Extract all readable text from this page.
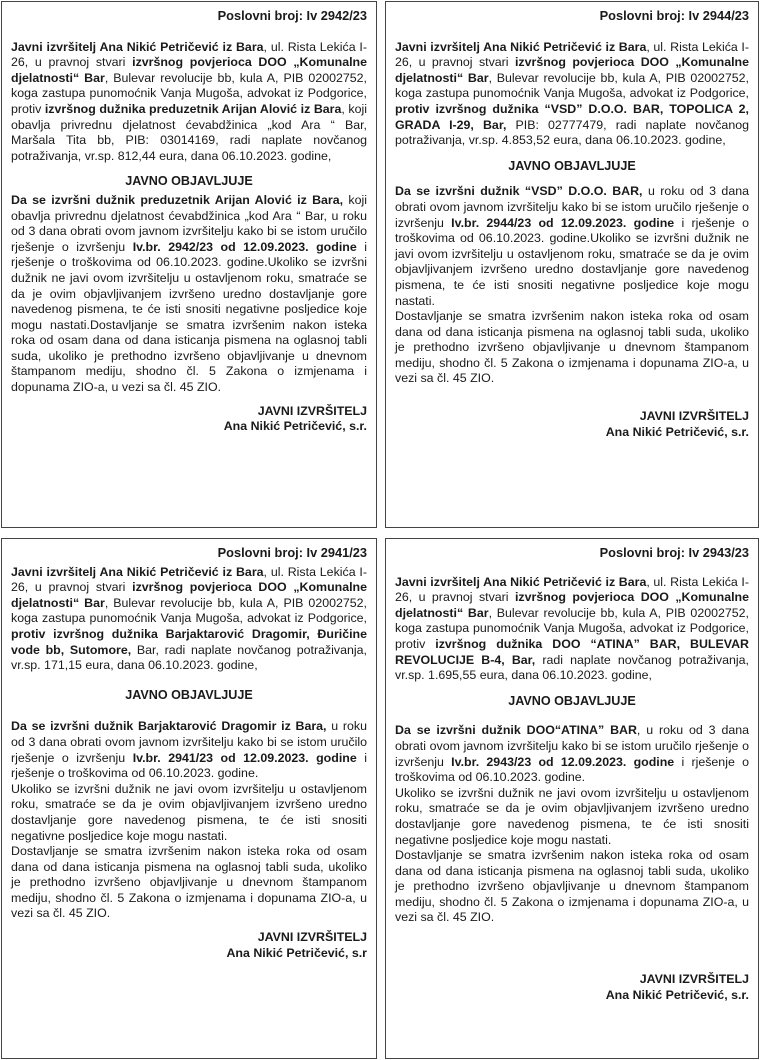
Poslovni broj: Iv 2942/23

Javni izvršitelj Ana Nikić Petričević iz Bara, ul. Rista Lekića I-26, u pravnoj stvari izvršnog povjerioca DOO „Komunalne djelatnosti“ Bar, Bulevar revolucije bb, kula A, PIB 02002752, koga zastupa punomoćnik Vanja Mugoša, advokat iz Podgorice, protiv izvršnog dužnika preduzetnik Arijan Alović iz Bara, koji obavlja privrednu djelatnost ćevabdžinica „kod Ara “ Bar, Maršala Tita bb, PIB: 03014169, radi naplate novčanog potraživanja, vr.sp. 812,44 eura, dana 06.10.2023. godine,

JAVNO OBJAVLJUJE

Da se izvršni dužnik preduzetnik Arijan Alović iz Bara, koji obavlja privrednu djelatnost ćevabdžinica „kod Ara “ Bar, u roku od 3 dana obrati ovom javnom izvršitelju kako bi se istom uručilo rješenje o izvršenju Iv.br. 2942/23 od 12.09.2023. godine i rješenje o troškovima od 06.10.2023. godine.Ukoliko se izvršni dužnik ne javi ovom izvršitelju u ostavljenom roku, smatraće se da je ovim objavljivanjem izvršeno uredno dostavljanje gore navedenog pismena, te će isti snositi negativne posljedice koje mogu nastati.Dostavljanje se smatra izvršenim nakon isteka roka od osam dana od dana isticanja pismena na oglasnoj tabli suda, ukoliko je prethodno izvršeno objavljivanje u dnevnom štampanom mediju, shodno čl. 5 Zakona o izmjenama i dopunama ZIO-a, u vezi sa čl. 45 ZIO.

JAVNI IZVRŠITELJ
Ana Nikić Petričević, s.r.
Poslovni broj: Iv 2944/23

Javni izvršitelj Ana Nikić Petričević iz Bara, ul. Rista Lekića I-26, u pravnoj stvari izvršnog povjerioca DOO „Komunalne djelatnosti“ Bar, Bulevar revolucije bb, kula A, PIB 02002752, koga zastupa punomoćnik Vanja Mugoša, advokat iz Podgorice, protiv izvršnog dužnika “VSD” D.O.O. BAR, TOPOLICA 2, GRADA I-29, Bar, PIB: 02777479, radi naplate novčanog potraživanja, vr.sp. 4.853,52 eura, dana 06.10.2023. godine,

JAVNO OBJAVLJUJE

Da se izvršni dužnik “VSD” D.O.O. BAR, u roku od 3 dana obrati ovom javnom izvršitelju kako bi se istom uručilo rješenje o izvršenju Iv.br. 2944/23 od 12.09.2023. godine i rješenje o troškovima od 06.10.2023. godine.Ukoliko se izvršni dužnik ne javi ovom izvršitelju u ostavljenom roku, smatraće se da je ovim objavljivanjem izvršeno uredno dostavljanje gore navedenog pismena, te će isti snositi negativne posljedice koje mogu nastati.

Dostavljanje se smatra izvršenim nakon isteka roka od osam dana od dana isticanja pismena na oglasnoj tabli suda, ukoliko je prethodno izvršeno objavljivanje u dnevnom štampanom mediju, shodno čl. 5 Zakona o izmjenama i dopunama ZIO-a, u vezi sa čl. 45 ZIO.

JAVNI IZVRŠITELJ
Ana Nikić Petričević, s.r.
Poslovni broj: Iv 2941/23

Javni izvršitelj Ana Nikić Petričević iz Bara, ul. Rista Lekića I-26, u pravnoj stvari izvršnog povjerioca DOO „Komunalne djelatnosti“ Bar, Bulevar revolucije bb, kula A, PIB 02002752, koga zastupa punomoćnik Vanja Mugoša, advokat iz Podgorice, protiv izvršnog dužnika Barjaktarović Dragomir, Đuričine vode bb, Sutomore, Bar, radi naplate novčanog potraživanja, vr.sp. 171,15 eura, dana 06.10.2023. godine,

JAVNO OBJAVLJUJE

Da se izvršni dužnik Barjaktarović Dragomir iz Bara, u roku od 3 dana obrati ovom javnom izvršitelju kako bi se istom uručilo rješenje o izvršenju Iv.br. 2941/23 od 12.09.2023. godine i rješenje o troškovima od 06.10.2023. godine.

Ukoliko se izvršni dužnik ne javi ovom izvršitelju u ostavljenom roku, smatraće se da je ovim objavljivanjem izvršeno uredno dostavljanje gore navedenog pismena, te će isti snositi negativne posljedice koje mogu nastati.

Dostavljanje se smatra izvršenim nakon isteka roka od osam dana od dana isticanja pismena na oglasnoj tabli suda, ukoliko je prethodno izvršeno objavljivanje u dnevnom štampanom mediju, shodno čl. 5 Zakona o izmjenama i dopunama ZIO-a, u vezi sa čl. 45 ZIO.

JAVNI IZVRŠITELJ
Ana Nikić Petričević, s.r
Poslovni broj: Iv 2943/23

Javni izvršitelj Ana Nikić Petričević iz Bara, ul. Rista Lekića I-26, u pravnoj stvari izvršnog povjerioca DOO „Komunalne djelatnosti“ Bar, Bulevar revolucije bb, kula A, PIB 02002752, koga zastupa punomoćnik Vanja Mugoša, advokat iz Podgorice, protiv izvršnog dužnika DOO “ATINA” BAR, BULEVAR REVOLUCIJE B-4, Bar, radi naplate novčanog potraživanja, vr.sp. 1.695,55 eura, dana 06.10.2023. godine,

JAVNO OBJAVLJUJE

Da se izvršni dužnik DOO“ATINA” BAR, u roku od 3 dana obrati ovom javnom izvršitelju kako bi se istom uručilo rješenje o izvršenju Iv.br. 2943/23 od 12.09.2023. godine i rješenje o troškovima od 06.10.2023. godine.

Ukoliko se izvršni dužnik ne javi ovom izvršitelju u ostavljenom roku, smatraće se da je ovim objavljivanjem izvršeno uredno dostavljanje gore navedenog pismena, te će isti snositi negativne posljedice koje mogu nastati.

Dostavljanje se smatra izvršenim nakon isteka roka od osam dana od dana isticanja pismena na oglasnoj tabli suda, ukoliko je prethodno izvršeno objavljivanje u dnevnom štampanom mediju, shodno čl. 5 Zakona o izmjenama i dopunama ZIO-a, u vezi sa čl. 45 ZIO.

JAVNI IZVRŠITELJ
Ana Nikić Petričević, s.r.
